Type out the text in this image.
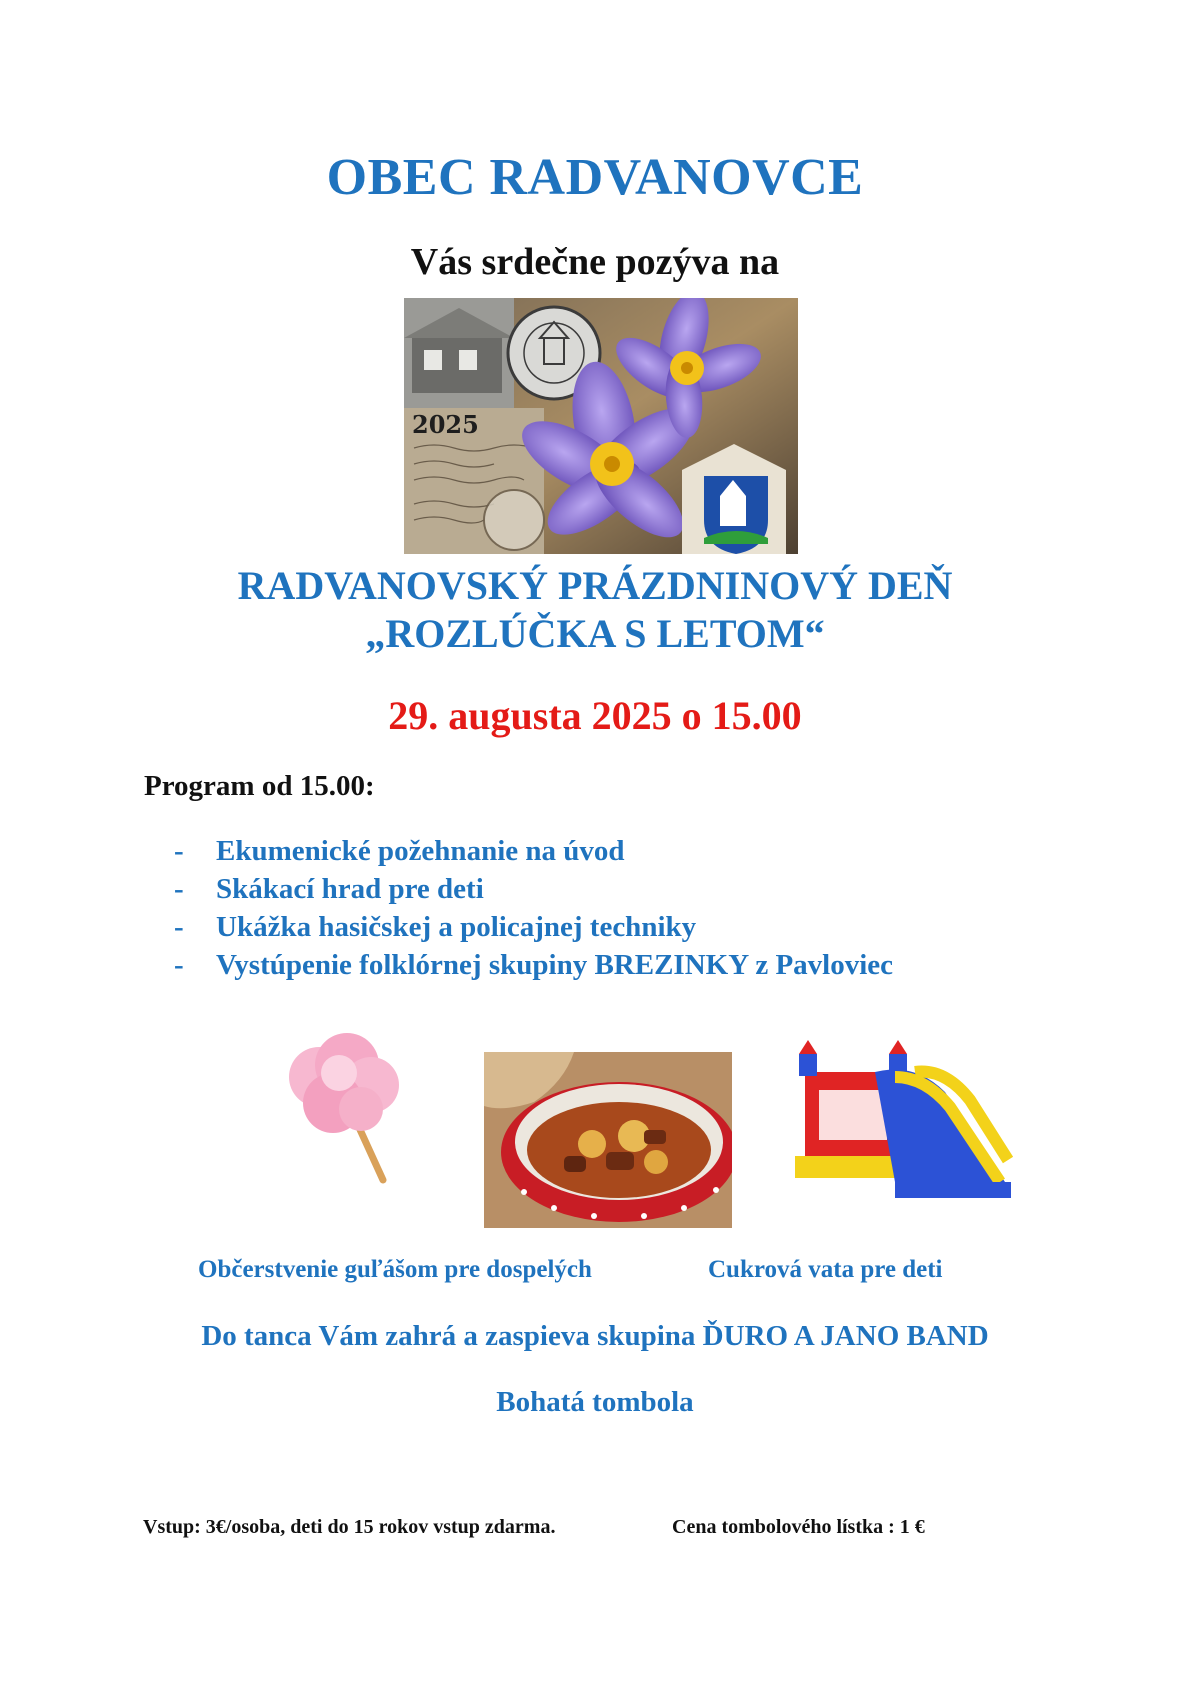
OBEC RADVANOVCE
Vás srdečne pozýva na
2025
RADVANOVSKÝ PRÁZDNINOVÝ DEŇ
„ROZLÚČKA S LETOM“
29. augusta 2025 o 15.00
Program od 15.00:
- Ekumenické požehnanie na úvod
- Skákací hrad pre deti
- Ukážka hasičskej a policajnej techniky
- Vystúpenie folklórnej skupiny BREZINKY z Pavloviec
Občerstvenie guľášom pre dospelých	Cukrová vata pre deti
Do tanca Vám zahrá a zaspieva skupina ĎURO A JANO BAND
Bohatá tombola
Vstup: 3€/osoba, deti do 15 rokov vstup zdarma.	Cena tombolového lístka : 1 €
